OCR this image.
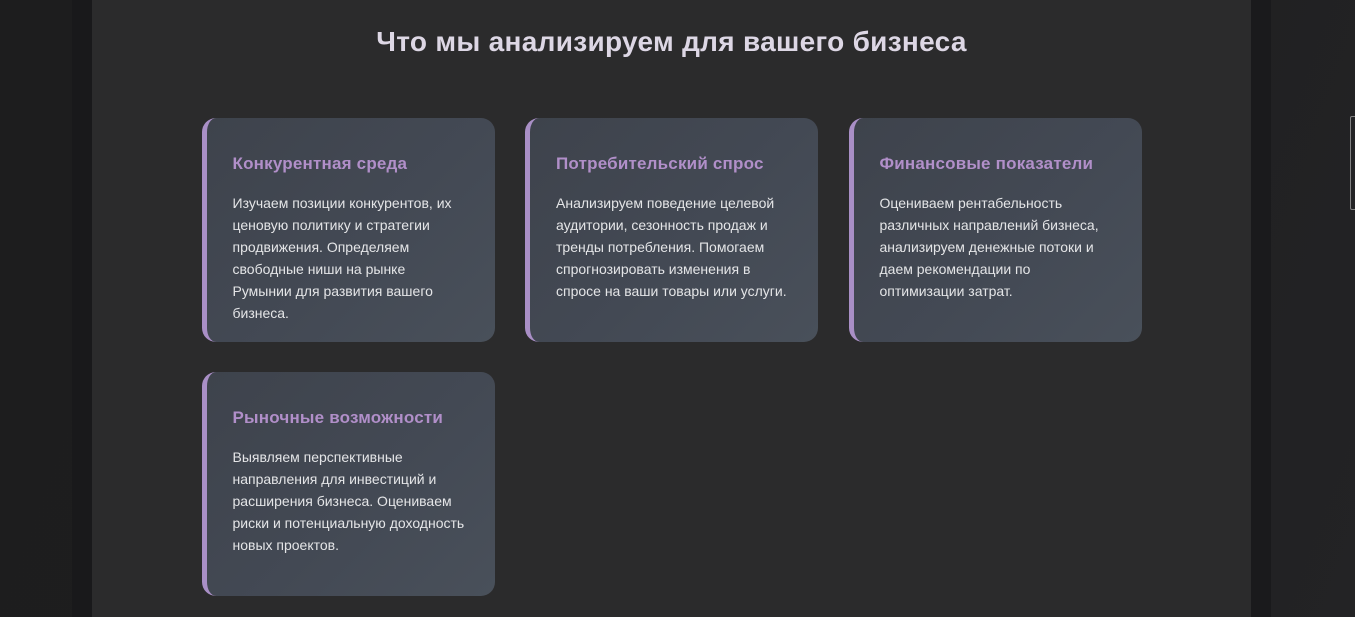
Что мы анализируем для вашего бизнеса
Конкурентная среда
Изучаем позиции конкурентов, их ценовую политику и стратегии продвижения. Определяем свободные ниши на рынке Румынии для развития вашего бизнеса.
Потребительский спрос
Анализируем поведение целевой аудитории, сезонность продаж и тренды потребления. Помогаем спрогнозировать изменения в спросе на ваши товары или услуги.
Финансовые показатели
Оцениваем рентабельность различных направлений бизнеса, анализируем денежные потоки и даем рекомендации по оптимизации затрат.
Рыночные возможности
Выявляем перспективные направления для инвестиций и расширения бизнеса. Оцениваем риски и потенциальную доходность новых проектов.
